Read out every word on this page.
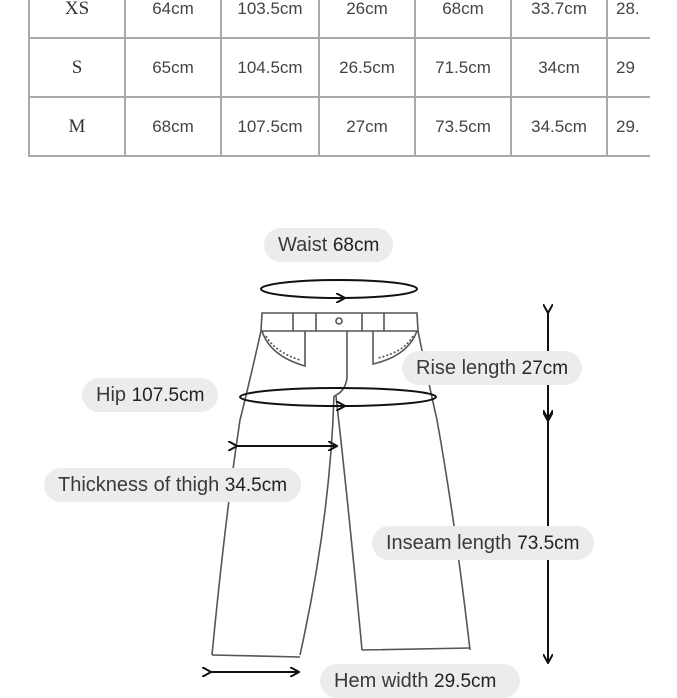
XS	64cm	103.5cm	26cm	68cm	33.7cm	28.
S	65cm	104.5cm	26.5cm	71.5cm	34cm	29
M	68cm	107.5cm	27cm	73.5cm	34.5cm	29.
Waist 68cm
Rise length 27cm
Hip 107.5cm
Thickness of thigh 34.5cm
Inseam length 73.5cm
Hem width 29.5cm
